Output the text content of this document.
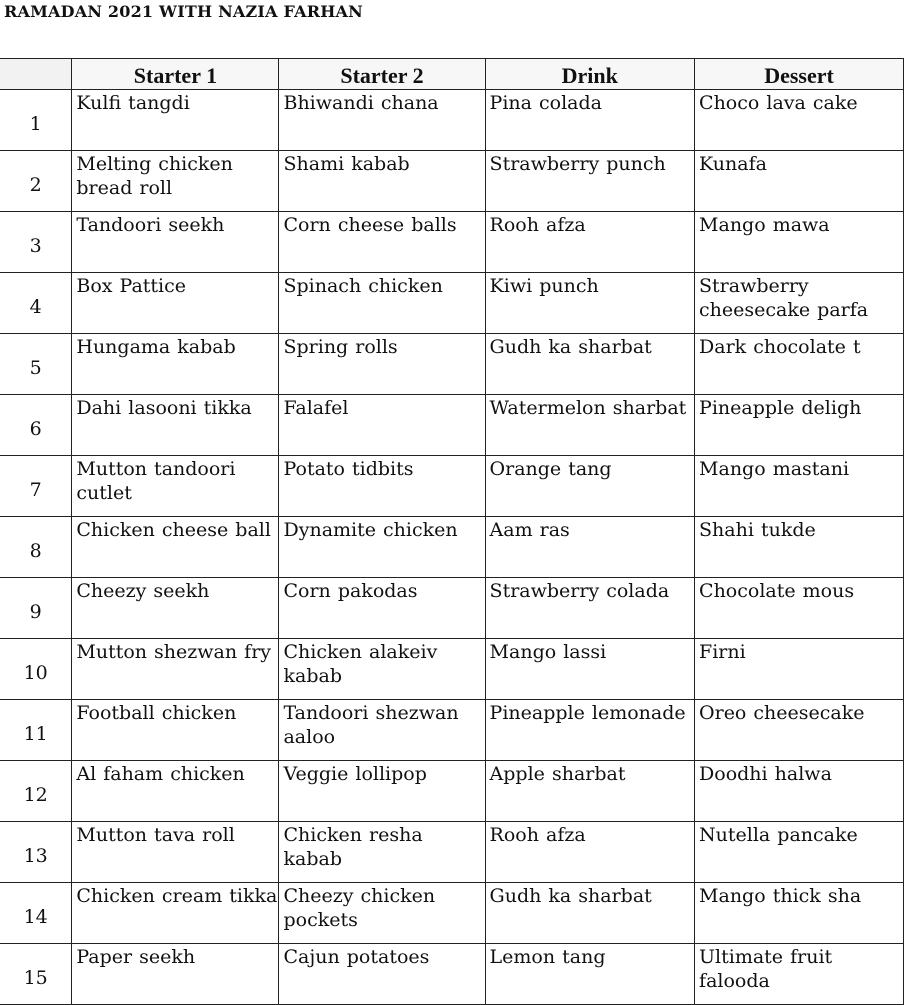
RAMADAN 2021 WITH NAZIA FARHAN
	Starter 1	Starter 2	Drink	Dessert

1	Kulfi tangdi	Bhiwandi chana	Pina colada	Choco lava cake

2	Melting chicken bread roll	Shami kabab	Strawberry punch	Kunafa

3	Tandoori seekh	Corn cheese balls	Rooh afza	Mango mawa

4	Box Pattice	Spinach chicken	Kiwi punch	Strawberry cheesecake parfa

5	Hungama kabab	Spring rolls	Gudh ka sharbat	Dark chocolate t

6	Dahi lasooni tikka	Falafel	Watermelon sharbat	Pineapple deligh

7	Mutton tandoori cutlet	Potato tidbits	Orange tang	Mango mastani

8	Chicken cheese ball	Dynamite chicken	Aam ras	Shahi tukde

9	Cheezy seekh	Corn pakodas	Strawberry colada	Chocolate mous

10	Mutton shezwan fry	Chicken alakeiv kabab	Mango lassi	Firni

11	Football chicken	Tandoori shezwan aaloo	Pineapple lemonade	Oreo cheesecake

12	Al faham chicken	Veggie lollipop	Apple sharbat	Doodhi halwa

13	Mutton tava roll	Chicken resha kabab	Rooh afza	Nutella pancake

14	Chicken cream tikka	Cheezy chicken pockets	Gudh ka sharbat	Mango thick sha

15	Paper seekh	Cajun potatoes	Lemon tang	Ultimate fruit falooda
